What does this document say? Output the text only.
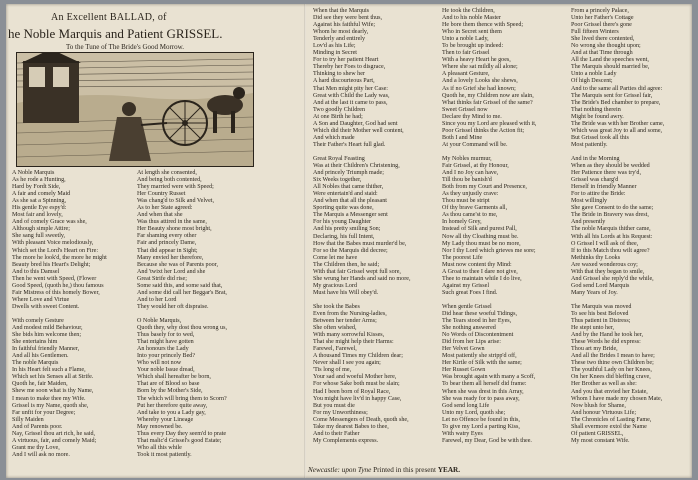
An Excellent BALLAD, of
he Noble Marquis and Patient GRISSEL.
To the Tune of The Bride's Good Morrow.
A Noble Marquis
As he rode a Hunting,
Hard by Fordt Side,
A fair and comely Maid
As she sat a Spinning,
His gentle Eye espy'd:
Most fair and lovely,
And of comely Grace was she,
Although simple Attire;
She sang full sweetly,
With pleasant Voice melodiously,
Which set the Lord's Heart on Fire:
The more he look'd, the more he might
Beauty bred his Heart's Delight;
And to this Damsel
Then he went with Speed, (Flower
Good Speed, (quoth he,) thou famous
Fair Mistress of this homely Bower,
Where Love and Virtue
Dwells with sweet Content.
With comely Gesture
And modest mild Behaviour,
She bids him welcome then;
She entertains him
In faithful friendly Manner,
And all his Gentlemen.
The noble Marquis
In his Heart felt such a Flame,
Which set his Senses all at Strife.
Quoth he, fair Maiden,
Shew me soon what is thy Name,
I mean to make thee my Wife.
Grissel is my Name, quoth she,
Far unfit for your Degree;
Silly Maiden
And of Parents poor.
Nay, Grissel thou art rich, he said,
A virtuous, fair, and comely Maid;
Grant me thy Love,
And I will ask no more.
At length she consented,
And being both contented,
They married were with Speed;
Her Country Russet
Was chang'd to Silk and Velvet,
As to her State agreed:
And when that she
Was thus attired in the same,
Her Beauty shone most bright,
Far shaming every other
Fair and princely Dame,
That did appear in Sight;
Many envied her therefore,
Because she was of Parents poor,
And 'twixt her Lord and she
Great Strife did rise;
Some said this, and some said that,
And some did call her Beggar's Brat,
And to her Lord
They would her oft dispraise.
O Noble Marquis,
Quoth they, why dost thou wrong us,
Thus basely for to wed,
That might have gotten
An honours the Lady
Into your princely Bed?
Who will not now
Your noble Issue dread,
Which shall hereafter be born,
That are of Blood so base
Born by the Mother's Side,
The which will bring them to Scorn?
Put her therefore quite away,
And take to you a Lady gay,
Whereby your Lineage
May renowned be.
Thus every Day they seem'd to prate
That malic'd Grissel's good Estate;
Who all this while
Took it most patiently.
When that the Marquis
Did see they were bent thus,
Against his faithful Wife;
Whom he most dearly,
Tenderly and entirely
Lov'd as his Life;
Minding in Secret
For to try her patient Heart
Thereby her Foes to disgrace,
Thinking to shew her
A hard discourteous Part,
That Men might pity her Case:
Great with Child the Lady was,
And at the last it came to pass,
Two goodly Children
At one Birth he had;
A Son and Daughter, God had sent
Which did their Mother well content,
And which made
Their Father's Heart full glad.
Great Royal Feasting
Was at their Children's Christening,
And princely Triumph made;
Six Weeks together,
All Nobles that came thither,
Were entertain'd and staid:
And when that all the pleasant
Sporting quite was done,
The Marquis a Messenger sent
For his young Daughter
And his pretty smiling Son;
Declaring, his full Intent,
How that the Babes must murder'd be,
For so the Marquis did decree;
Come let me have
The Children then, he said;
With that fair Grissel wept full sore,
She wrung her Hands and said no more,
My gracious Lord
Must have his Will obey'd.
She took the Babes
Even from the Nursing-ladies,
Between her tender Arms;
She often wished,
With many sorrowful Kisses,
That she might help their Harms:
Farewel, Farewel,
A thousand Times my Children dear;
Never shall I see you again;
'Tis long of me,
Your sad and woeful Mother here,
For whose Sake both must be slain;
Had I been born of Royal Race,
You might have liv'd in happy Case,
But you must die
For my Unworthiness;
Come Messengers of Death, quoth she,
Take my dearest Babes to thee,
And to their Father
My Complements express.
He took the Children,
And to his noble Master
He bore them thence with Speed;
Who in Secret sent them
Unto a noble Lady,
To be brought up indeed:
Then to fair Grissel
With a heavy Heart he goes,
Where she sat mildly all alone;
A pleasant Gesture,
And a lovely Looks she shews,
As if no Grief she had known;
Quoth he, my Children now are slain,
What thinks fair Grissel of the same?
Sweet Grissel now
Declare thy Mind to me.
Since you my Lord are pleased with it,
Poor Grissel thinks the Action fit;
Both I and Mine
At your Command will be.
My Nobles murmur,
Fair Grissel, at thy Honour,
And I no Joy can have,
Till thou be banish'd
Both from my Court and Presence,
As they unjustly crave:
Thou must be stript
Of thy brave Garments all,
As thou came'st to me,
In homely Grey,
Instead of Silk and purest Pall,
Now all thy Cloathing must be.
My Lady thou must be no more,
Nor I thy Lord which grieves me sore;
The poorest Life
Must now content thy Mind:
A Groat to thee I dare not give,
Thee to maintain while I do live,
Against my Grissel
Such great Foes I find.
When gentle Grissel
Did hear these woeful Tidings,
The Tears stood in her Eyes,
She nothing answered
No Words of Discontentment
Did from her Lips arise:
Her Velvet Gown
Most patiently she stripp'd off,
Her Kirtle of Silk with the same;
Her Russet Gown
Was brought again with many a Scoff,
To bear them all herself did frame:
When she was drest in this Array,
She was ready for to pass away,
God send long Life
Unto my Lord, quoth she;
Let no Offence be found in this,
To give my Lord a parting Kiss,
With watry Eyes
Farewel, my Dear, God be with thee.
From a princely Palace,
Unto her Father's Cottage
Poor Grissel there's gone
Full fifteen Winters
She lived there contented,
No wrong she thought upon;
And at that Time through
All the Land the speeches went,
The Marquis should married be,
Unto a noble Lady
Of high Descent;
And to the same all Parties did agree:
The Marquis sent for Grissel fair,
The Bride's Bed chamber to prepare,
That nothing therein
Might be found awry.
The Bride was with her Brother came,
Which was great Joy to all and some,
But Grissel took all this
Most patiently.
And in the Morning
When as they should be wedded
Her Patience there was try'd,
Grissel was charg'd
Herself in friendly Manner
For to attire the Bride:
Most willingly
She gave Consent to do the same;
The Bride in Bravery was drest,
And presently
The noble Marquis thither came,
With all his Lords at his Request:
O Grissel I will ask of thee,
If to this Match thou wilt agree?
Methinks thy Looks
Are waxed wonderous coy;
With that they began to smile,
And Grissel she reply'd the while,
God send Lord Marquis
Many Years of Joy.
The Marquis was moved
To see his best Beloved
Thus patient in Distress;
He stept unto her,
And by the Hand he took her,
These Words he did express:
Thou art my Bride,
And all the Brides I mean to have;
These two thine own Children be;
The youthful Lady on her Knees,
On her Knees did bleffing crave,
Her Brother as well as she:
And you that envied her Estate,
Whom I have made my chosen Mate,
Now blush for Shame,
And honour Virtuous Life;
The Chronicles of Lasting Fame,
Shall evermore extol the Name
Of patient GRISSEL,
My most constant Wife.
Newcastle: upon Tyne Printed in this present YEAR.
